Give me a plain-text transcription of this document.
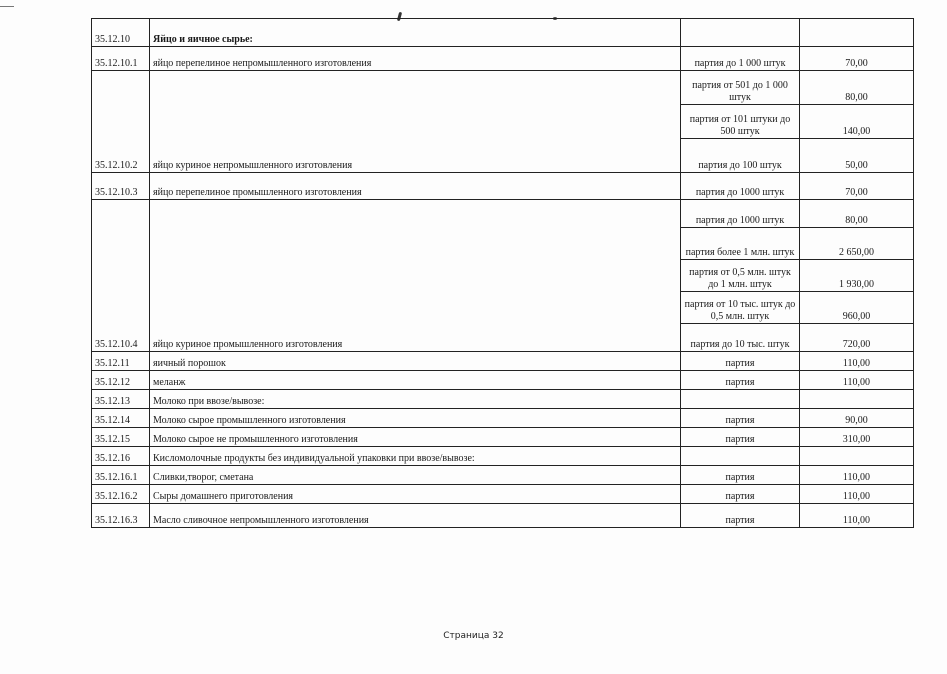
35.12.10	Яйцо и яичное сырье:		
35.12.10.1	яйцо перепелиное непромышленного изготовления	партия до 1 000 штук	70,00
35.12.10.2	яйцо куриное непромышленного изготовления	партия от 501 до 1 000 штук	80,00
		партия от 101 штуки до 500 штук	140,00
		партия до 100 штук	50,00
35.12.10.3	яйцо перепелиное промышленного изготовления	партия до 1000 штук	70,00
35.12.10.4	яйцо куриное промышленного изготовления	партия до 1000 штук	80,00
		партия более 1 млн. штук	2 650,00
		партия от 0,5 млн. штук до 1 млн. штук	1 930,00
		партия от 10 тыс. штук до 0,5 млн. штук	960,00
		партия до 10 тыс. штук	720,00
35.12.11	яичный порошок	партия	110,00
35.12.12	меланж	партия	110,00
35.12.13	Молоко при ввозе/вывозе:		
35.12.14	Молоко сырое промышленного изготовления	партия	90,00
35.12.15	Молоко сырое не промышленного изготовления	партия	310,00
35.12.16	Кисломолочные продукты без индивидуальной упаковки при ввозе/вывозе:		
35.12.16.1	Сливки,творог, сметана	партия	110,00
35.12.16.2	Сыры домашнего приготовления	партия	110,00
35.12.16.3	Масло сливочное непромышленного изготовления	партия	110,00
Страница 32
